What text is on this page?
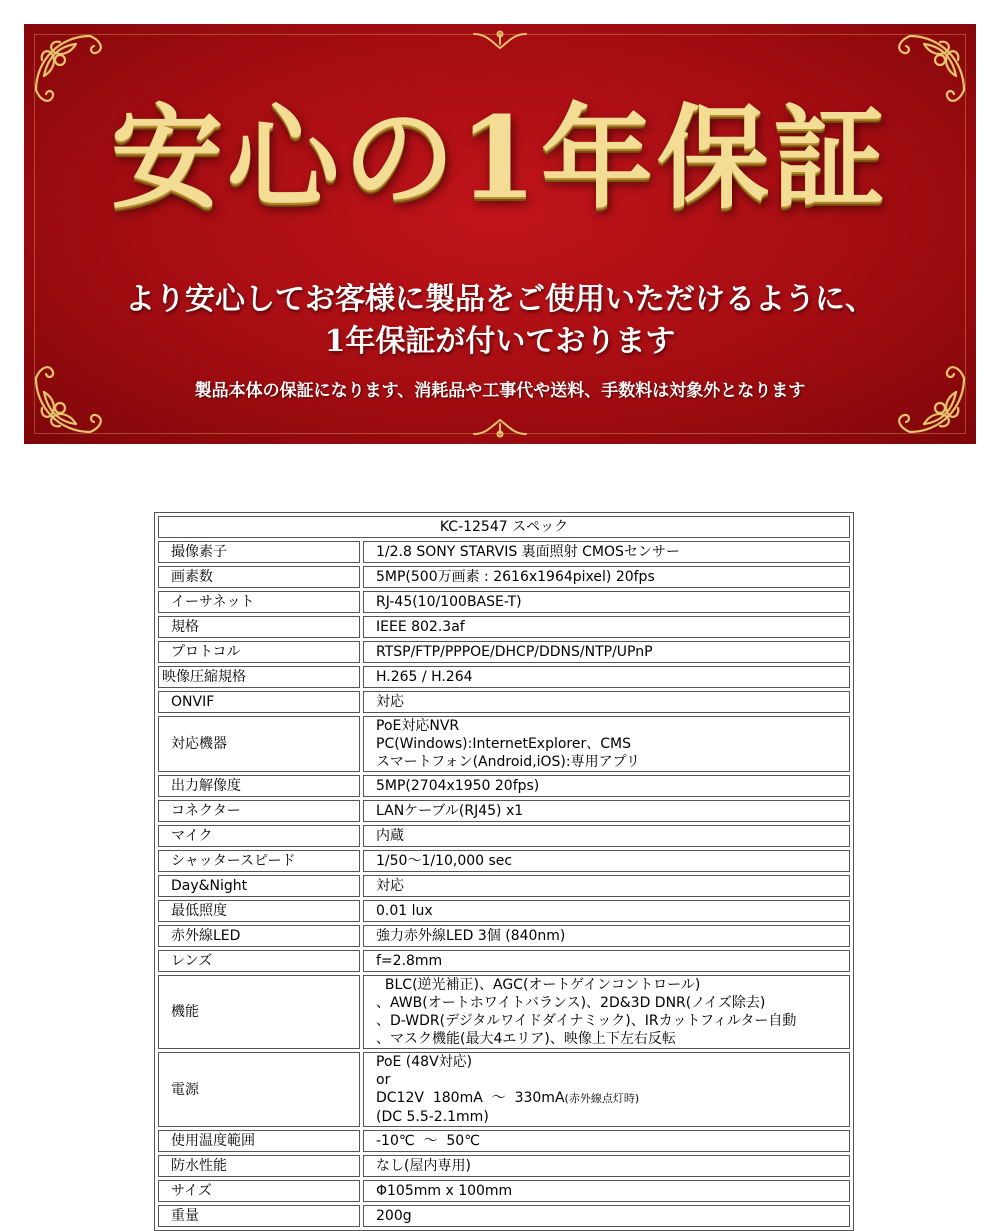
安心の1年保証
より安心してお客様に製品をご使用いただけるように、
1年保証が付いております
製品本体の保証になります、消耗品や工事代や送料、手数料は対象外となります
KC-12547 スペック	
撮像素子	1/2.8 SONY STARVIS 裏面照射 CMOSセンサー
画素数	5MP(500万画素 : 2616x1964pixel) 20fps
イーサネット	RJ-45(10/100BASE-T)
規格	IEEE 802.3af
プロトコル	RTSP/FTP/PPPOE/DHCP/DDNS/NTP/UPnP
映像圧縮規格	H.265 / H.264
ONVIF	対応
対応機器	PoE対応NVR
PC(Windows):InternetExplorer、CMS
スマートフォン(Android,iOS):専用アプリ

出力解像度	5MP(2704x1950 20fps)
コネクター	LANケーブル(RJ45) x1
マイク	内蔵
シャッタースピード	1/50〜1/10,000 sec
Day&Night	対応
最低照度	0.01 lux
赤外線LED	強力赤外線LED 3個 (840nm)
レンズ	f=2.8mm
機能	BLC(逆光補正)、AGC(オートゲインコントロール)
、AWB(オートホワイトバランス)、2D&3D DNR(ノイズ除去)
、D-WDR(デジタルワイドダイナミック)、IRカットフィルター自動
、マスク機能(最大4エリア)、映像上下左右反転

電源	PoE (48V対応)
or
DC12V  180mA  〜  330mA(赤外線点灯時)
(DC 5.5-2.1mm)

使用温度範囲	-10℃  〜  50℃
防水性能	なし(屋内専用)
サイズ	Φ105mm x 100mm
重量	200g
